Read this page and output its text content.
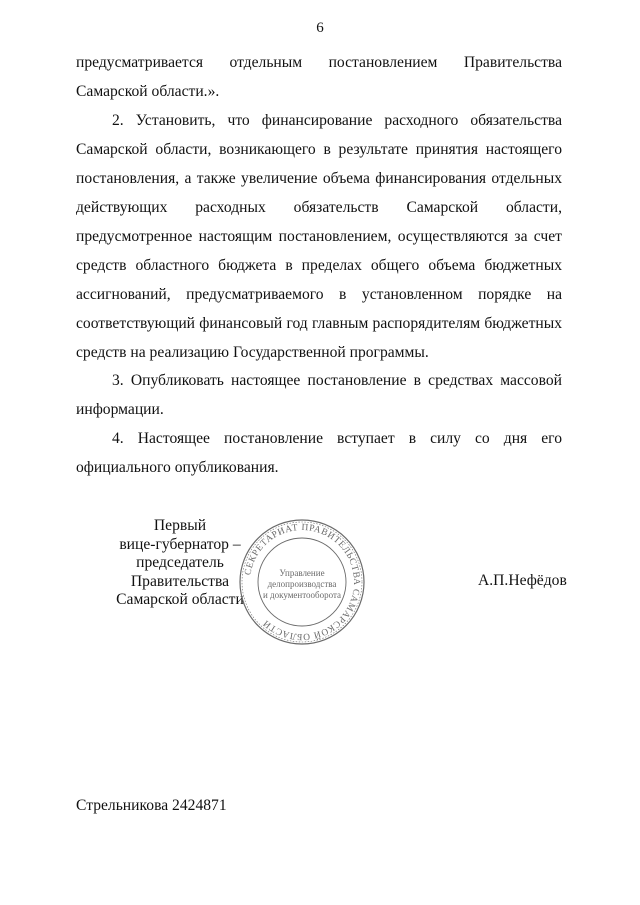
6

предусматривается отдельным постановлением Правительства Самарской области.».

2. Установить, что финансирование расходного обязательства Самарской области, возникающего в результате принятия настоящего постановления, а также увеличение объема финансирования отдельных действующих расходных обязательств Самарской области, предусмотренное настоящим постановлением, осуществляются за счет средств областного бюджета в пределах общего объема бюджетных ассигнований, предусматриваемого в установленном порядке на соответствующий финансовый год главным распорядителям бюджетных средств на реализацию Государственной программы.

3. Опубликовать настоящее постановление в средствах массовой информации.

4. Настоящее постановление вступает в силу со дня его официального опубликования.

Первый
вице-губернатор –
председатель Правительства
Самарской области
СЕКРЕТАРИАТ ПРАВИТЕЛЬСТВА САМАРСКОЙ ОБЛАСТИ
Управление
делопроизводства
и документооборота
А.П.Нефёдов
Стрельникова 2424871
